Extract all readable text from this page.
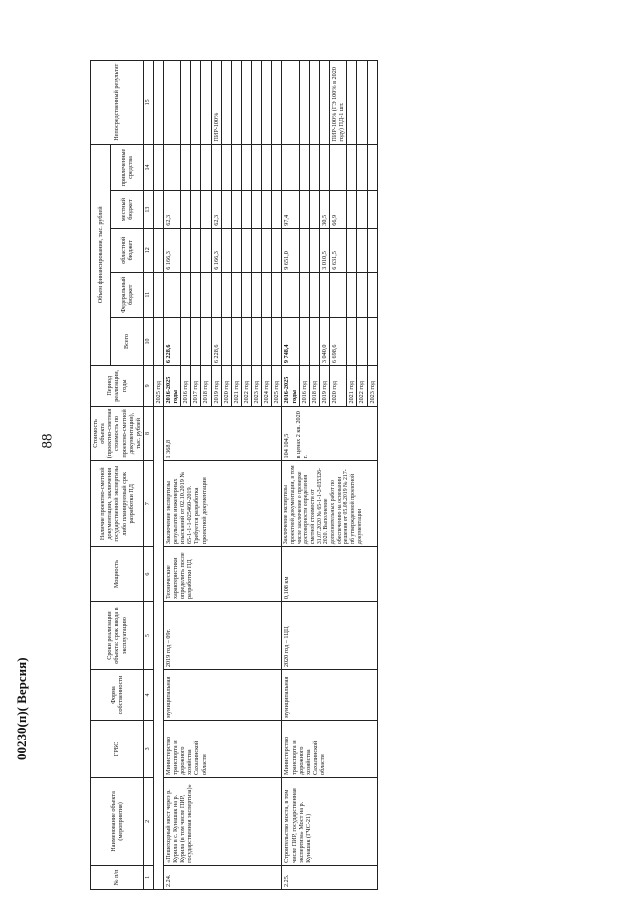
88
00230(п)( Версия)
№ п/п	Наименование объекта (мероприятия)	ГРБС	Форма собственности	Сроки реализации объекта: срок ввода в эксплуатацию	Мощность	Наличие проектно-сметной документации, заключения государственной экспертизы либо планируемый срок разработки ПД	Стоимость объекта (проектно-сметная стоимость по проектно-сметной документации), тыс. рублей	Период реализации, годы	Объем финансирования, тыс. рублей					Непосредственный результат
									Всего	Федеральный бюджет	областной бюджет	местный бюджет	привлеченные средства	
1	2	3	4	5	6	7	8	9	10	11	12	13	14	15
								2025 год						
2.24.	«Пешеходный мост через р. Курила в с. Кунашак на р. Курила (в том числе ПИР, государственная экспертиза)»	Министерство транспорта и дорожного хозяйства Сахалинской области	муниципальная	2019 год – 09г.	Технические характеристики определить после разработки ПД	Заключение экспертизы результатов инженерных изысканий от 02.10.2019 № 65-1-1-1-025460-2019. Требуется разработка проектной документации	1 368,8	2016-2025 годы	6 228,6		6 166,3	62,3		
								2016 год						
								2017 год						
								2018 год						
								2019 год	6 228,6		6 166,3	62,3		ПИР-100%
								2020 год						
								2021 год						
								2022 год						
								2023 год						
								2024 год						
								2025 год						
2.25.	Строительство моста, в том числе ПИР, государственная экспертиза» Мост на р. Кунашак (ГЧС-21)	Министерство транспорта и дорожного хозяйства Сахалинской области	муниципальная	2020 год – 1ЦЦ	0,108 км	Заключение экспертизы проектной документации, в том числе заключение о проверке достоверности определения сметной стоимости от 31.07.2020 № 65-1-1-3-035326-2020. Выполнение дополнительных работ по обеспечению на основании решения от 05.08.2019 № 217-пб утвержденной проектной документации	104 104,5 в ценах 2 кв. 2020 г.	2016-2025 годы	9 748,4		9 651,0	97,4		
								2016 год						
								2018 год						
								2019 год	3 040,0		3 010,5	30,5		
								2020 год	6 698,6		6 631,5	66,9		ПИР-100% (ГЭ 100% в 2020 году) ПД-1 шт.
								2021 год						
								2022 год						
								2023 год						
